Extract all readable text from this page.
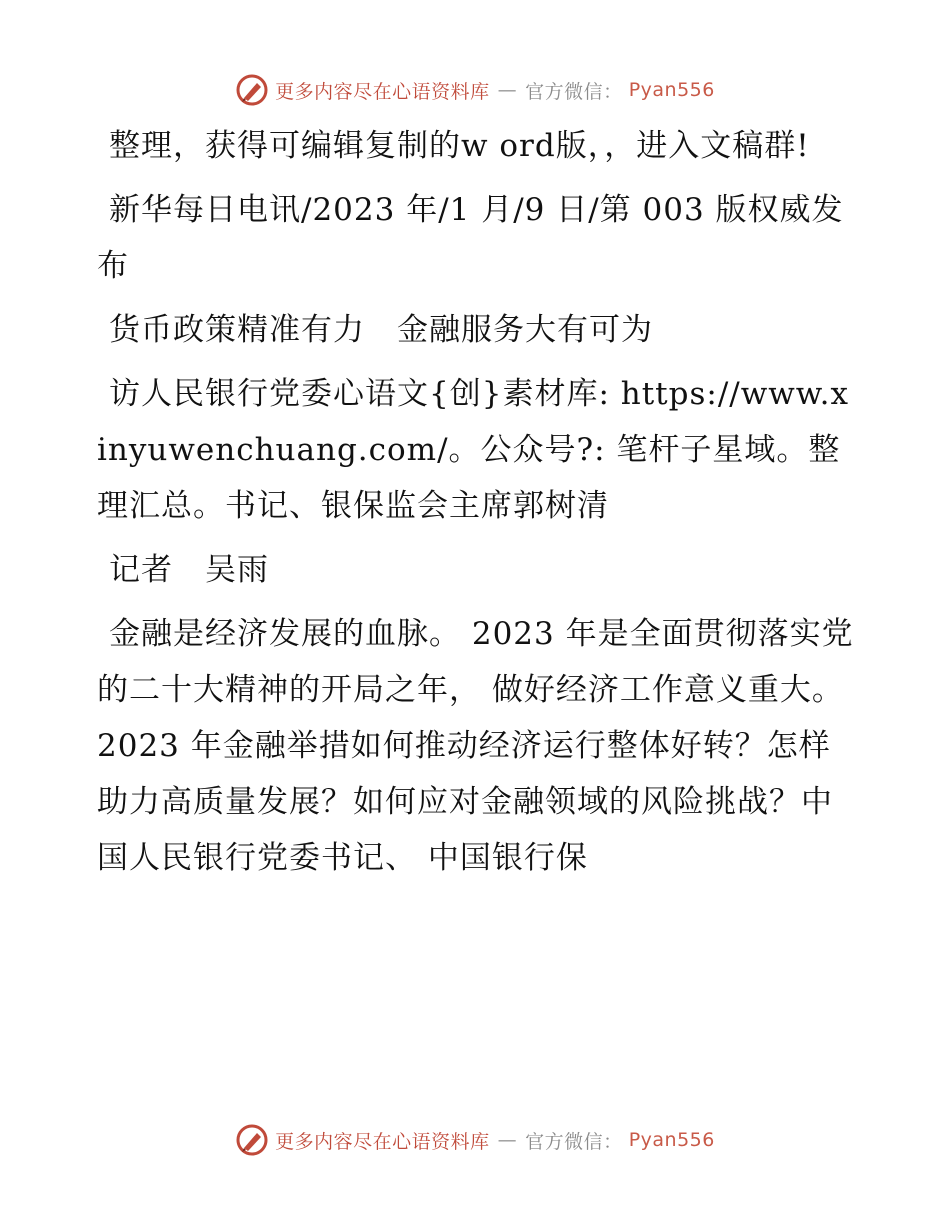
更多内容尽在心语资料库 — 官方微信： Pyan556

整理，获得可编辑复制的w ord版，，进入文稿群!

新华每日电讯/2023 年/1 月/9 日/第 003 版权威发布

货币政策精准有力　金融服务大有可为

访人民银行党委心语文{创}素材库: https://www.xinyuwenchuang.com/。公众号?: 笔杆子星域。整理汇总。书记、银保监会主席郭树清

记者　吴雨

金融是经济发展的血脉。 2023 年是全面贯彻落实党的二十大精神的开局之年， 做好经济工作意义重大。2023 年金融举措如何推动经济运行整体好转？怎样助力高质量发展？如何应对金融领域的风险挑战？中国人民银行党委书记、 中国银行保

更多内容尽在心语资料库 — 官方微信： Pyan556
